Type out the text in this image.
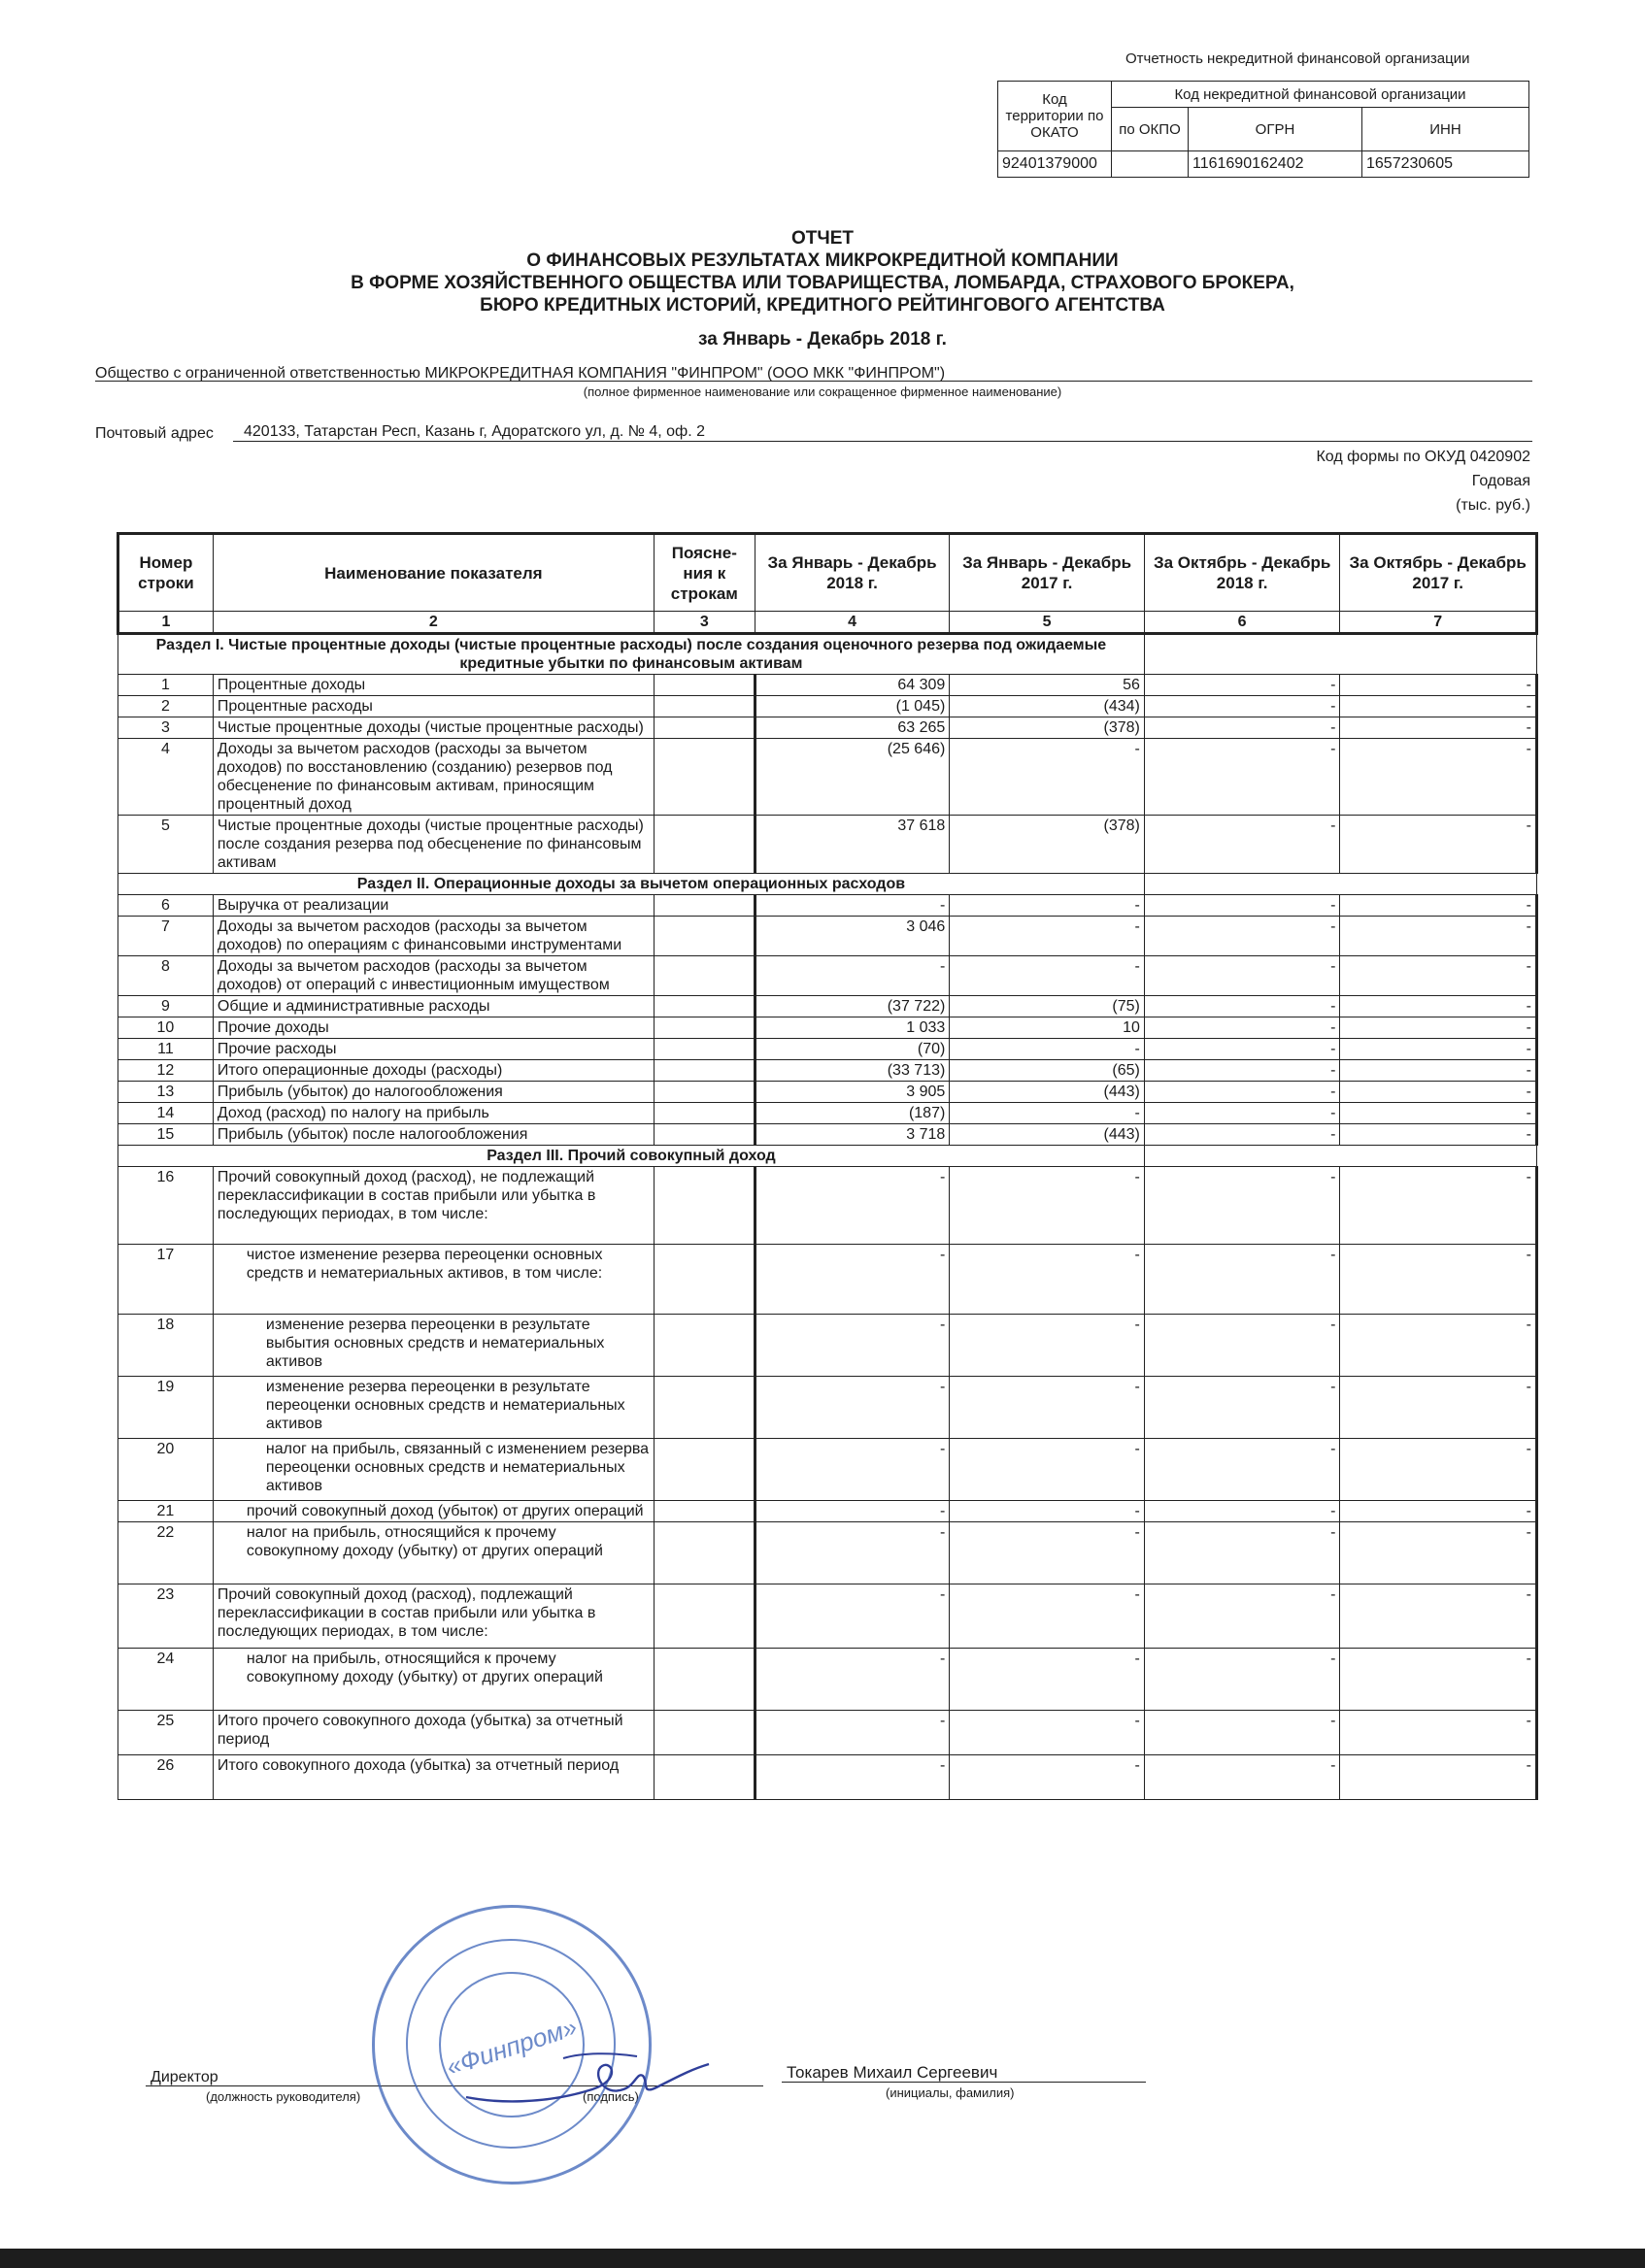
Отчетность некредитной финансовой организации
Код территории по ОКАТО	Код некредитной финансовой организации		
	по ОКПО	ОГРН	ИНН
92401379000		1161690162402	1657230605
ОТЧЕТ
О ФИНАНСОВЫХ РЕЗУЛЬТАТАХ МИКРОКРЕДИТНОЙ КОМПАНИИ
В ФОРМЕ ХОЗЯЙСТВЕННОГО ОБЩЕСТВА ИЛИ ТОВАРИЩЕСТВА, ЛОМБАРДА, СТРАХОВОГО БРОКЕРА,
БЮРО КРЕДИТНЫХ ИСТОРИЙ, КРЕДИТНОГО РЕЙТИНГОВОГО АГЕНТСТВА
за Январь - Декабрь 2018 г.
Общество с ограниченной ответственностью МИКРОКРЕДИТНАЯ КОМПАНИЯ "ФИНПРОМ" (ООО МКК "ФИНПРОМ")
(полное фирменное наименование или сокращенное фирменное наименование)
Почтовый адрес 420133, Татарстан Респ, Казань г, Адоратского ул, д. № 4, оф. 2
Код формы по ОКУД 0420902
Годовая
(тыс. руб.)
Номер строки	Наименование показателя	Поясне-ния к строкам	За Январь - Декабрь 2018 г.	За Январь - Декабрь 2017 г.	За Октябрь - Декабрь 2018 г.	За Октябрь - Декабрь 2017 г.
1	2	3	4	5	6	7
Раздел I. Чистые процентные доходы (чистые процентные расходы) после создания оценочного резерва под ожидаемые кредитные убытки по финансовым активам						
1	Процентные доходы		64 309	56	-	-
2	Процентные расходы		(1 045)	(434)	-	-
3	Чистые процентные доходы (чистые процентные расходы)		63 265	(378)	-	-
4	Доходы за вычетом расходов (расходы за вычетом доходов) по восстановлению (созданию) резервов под обесценение по финансовым активам, приносящим процентный доход		(25 646)	-	-	-
5	Чистые процентные доходы (чистые процентные расходы) после создания резерва под обесценение по финансовым активам		37 618	(378)	-	-
Раздел II. Операционные доходы за вычетом операционных расходов						
6	Выручка от реализации		-	-	-	-
7	Доходы за вычетом расходов (расходы за вычетом доходов) по операциям с финансовыми инструментами		3 046	-	-	-
8	Доходы за вычетом расходов (расходы за вычетом доходов) от операций с инвестиционным имуществом		-	-	-	-
9	Общие и административные расходы		(37 722)	(75)	-	-
10	Прочие доходы		1 033	10	-	-
11	Прочие расходы		(70)	-	-	-
12	Итого операционные доходы (расходы)		(33 713)	(65)	-	-
13	Прибыль (убыток) до налогообложения		3 905	(443)	-	-
14	Доход (расход) по налогу на прибыль		(187)	-	-	-
15	Прибыль (убыток) после налогообложения		3 718	(443)	-	-
Раздел III. Прочий совокупный доход						
16	Прочий совокупный доход (расход), не подлежащий переклассификации в состав прибыли или убытка в последующих периодах, в том числе:		-	-	-	-
17	чистое изменение резерва переоценки основных средств и нематериальных активов, в том числе:		-	-	-	-
18	изменение резерва переоценки в результате выбытия основных средств и нематериальных активов		-	-	-	-
19	изменение резерва переоценки в результате переоценки основных средств и нематериальных активов		-	-	-	-
20	налог на прибыль, связанный с изменением резерва переоценки основных средств и нематериальных активов		-	-	-	-
21	прочий совокупный доход (убыток) от других операций		-	-	-	-
22	налог на прибыль, относящийся к прочему совокупному доходу (убытку) от других операций		-	-	-	-
23	Прочий совокупный доход (расход), подлежащий переклассификации в состав прибыли или убытка в последующих периодах, в том числе:		-	-	-	-
24	налог на прибыль, относящийся к прочему совокупному доходу (убытку) от других операций		-	-	-	-
25	Итого прочего совокупного дохода (убытка) за отчетный период		-	-	-	-
26	Итого совокупного дохода (убытка) за отчетный период		-	-	-	-
Директор
(должность руководителя)	(подпись)
Токарев Михаил Сергеевич
(инициалы, фамилия)
«Финпром»
